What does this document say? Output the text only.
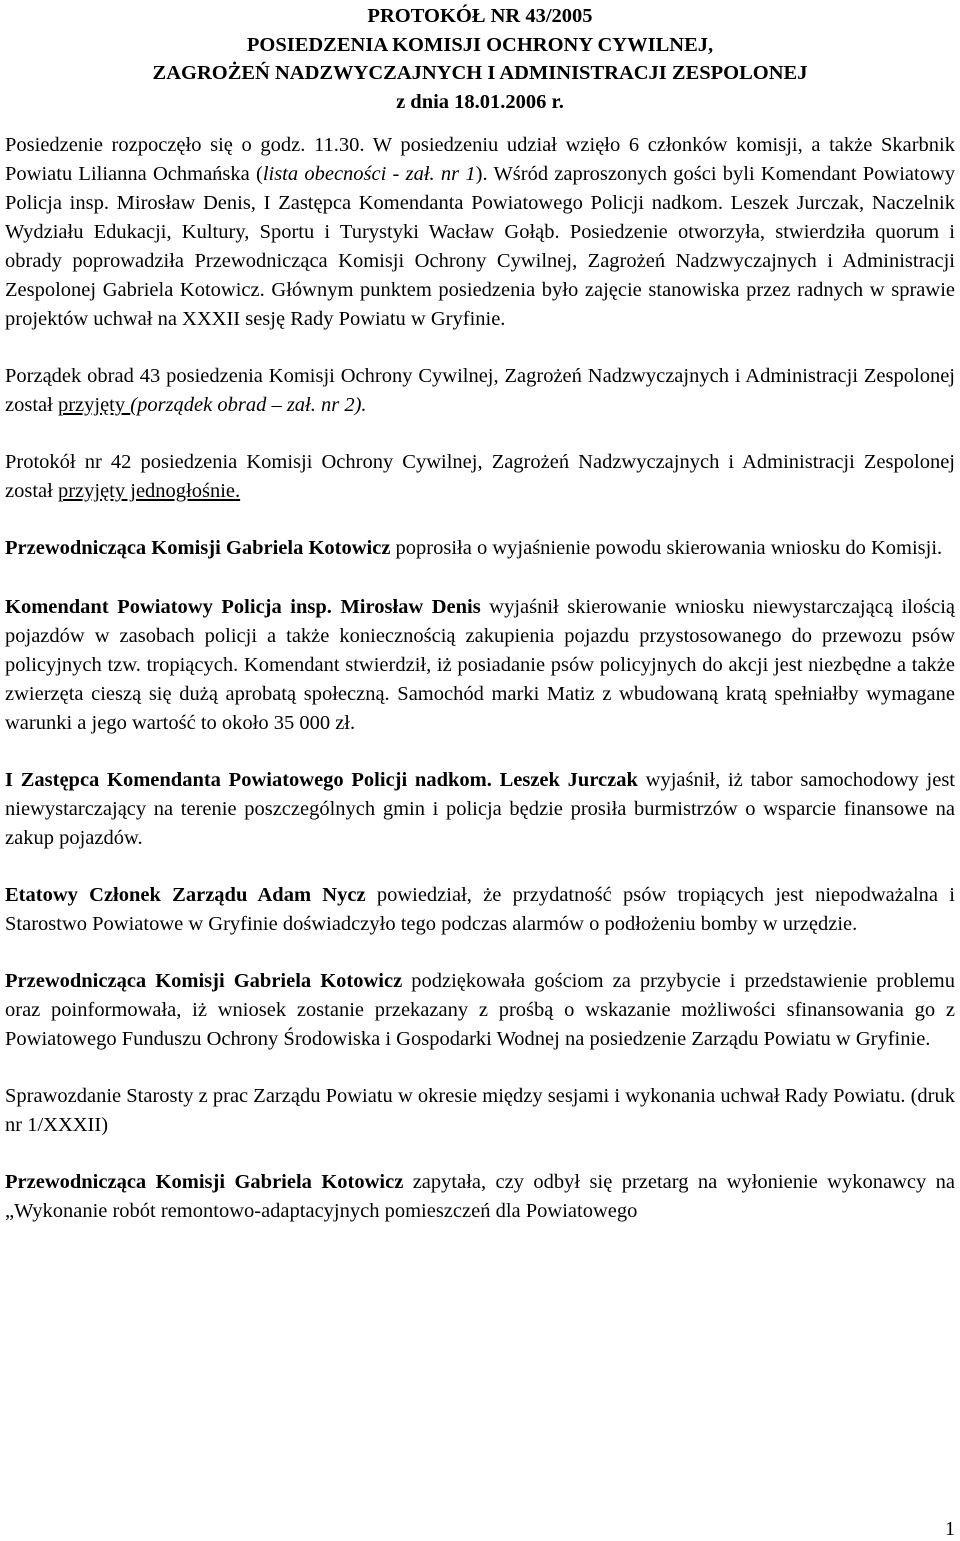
PROTOKÓŁ NR 43/2005
POSIEDZENIA KOMISJI OCHRONY CYWILNEJ,
ZAGROŻEŃ NADZWYCZAJNYCH I ADMINISTRACJI ZESPOLONEJ
z dnia 18.01.2006 r.

Posiedzenie rozpoczęło się o godz. 11.30. W posiedzeniu udział wzięło 6 członków komisji, a także Skarbnik Powiatu Lilianna Ochmańska (lista obecności - zał. nr 1). Wśród zaproszonych gości byli Komendant Powiatowy Policja insp. Mirosław Denis, I Zastępca Komendanta Powiatowego Policji nadkom. Leszek Jurczak, Naczelnik Wydziału Edukacji, Kultury, Sportu i Turystyki Wacław Gołąb. Posiedzenie otworzyła, stwierdziła quorum i obrady poprowadziła Przewodnicząca Komisji Ochrony Cywilnej, Zagrożeń Nadzwyczajnych i Administracji Zespolonej Gabriela Kotowicz. Głównym punktem posiedzenia było zajęcie stanowiska przez radnych w sprawie projektów uchwał na XXXII sesję Rady Powiatu w Gryfinie.

Porządek obrad 43 posiedzenia Komisji Ochrony Cywilnej, Zagrożeń Nadzwyczajnych i Administracji Zespolonej został przyjęty (porządek obrad – zał. nr 2).

Protokół nr 42 posiedzenia Komisji Ochrony Cywilnej, Zagrożeń Nadzwyczajnych i Administracji Zespolonej został przyjęty jednogłośnie.

Przewodnicząca Komisji Gabriela Kotowicz poprosiła o wyjaśnienie powodu skierowania wniosku do Komisji.

Komendant Powiatowy Policja insp. Mirosław Denis wyjaśnił skierowanie wniosku niewystarczającą ilością pojazdów w zasobach policji a także koniecznością zakupienia pojazdu przystosowanego do przewozu psów policyjnych tzw. tropiących. Komendant stwierdził, iż posiadanie psów policyjnych do akcji jest niezbędne a także zwierzęta cieszą się dużą aprobatą społeczną. Samochód marki Matiz z wbudowaną kratą spełniałby wymagane warunki a jego wartość to około 35 000 zł.

I Zastępca Komendanta Powiatowego Policji nadkom. Leszek Jurczak wyjaśnił, iż tabor samochodowy jest niewystarczający na terenie poszczególnych gmin i policja będzie prosiła burmistrzów o wsparcie finansowe na zakup pojazdów.

Etatowy Członek Zarządu Adam Nycz powiedział, że przydatność psów tropiących jest niepodważalna i Starostwo Powiatowe w Gryfinie doświadczyło tego podczas alarmów o podłożeniu bomby w urzędzie.

Przewodnicząca Komisji Gabriela Kotowicz podziękowała gościom za przybycie i przedstawienie problemu oraz poinformowała, iż wniosek zostanie przekazany z prośbą o wskazanie możliwości sfinansowania go z Powiatowego Funduszu Ochrony Środowiska i Gospodarki Wodnej na posiedzenie Zarządu Powiatu w Gryfinie.

Sprawozdanie Starosty z prac Zarządu Powiatu w okresie między sesjami i wykonania uchwał Rady Powiatu. (druk nr 1/XXXII)

Przewodnicząca Komisji Gabriela Kotowicz zapytała, czy odbył się przetarg na wyłonienie wykonawcy na „Wykonanie robót remontowo-adaptacyjnych pomieszczeń dla Powiatowego

1
